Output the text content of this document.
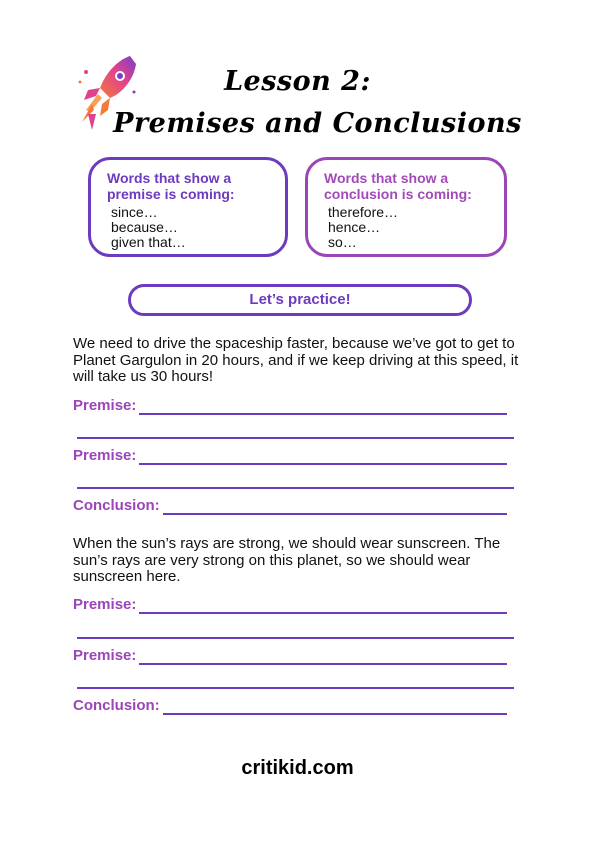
Lesson 2:
Premises and Conclusions
Words that show a premise is coming:
since…
because…
given that…
Words that show a conclusion is coming:
therefore…
hence…
so…
Let’s practice!
We need to drive the spaceship faster, because we’ve got to get to Planet Gargulon in 20 hours, and if we keep driving at this speed, it will take us 30 hours!
Premise:
Premise:
Conclusion:
When the sun’s rays are strong, we should wear sunscreen. The sun’s rays are very strong on this planet, so we should wear sunscreen here.
Premise:
Premise:
Conclusion:
critikid.com
